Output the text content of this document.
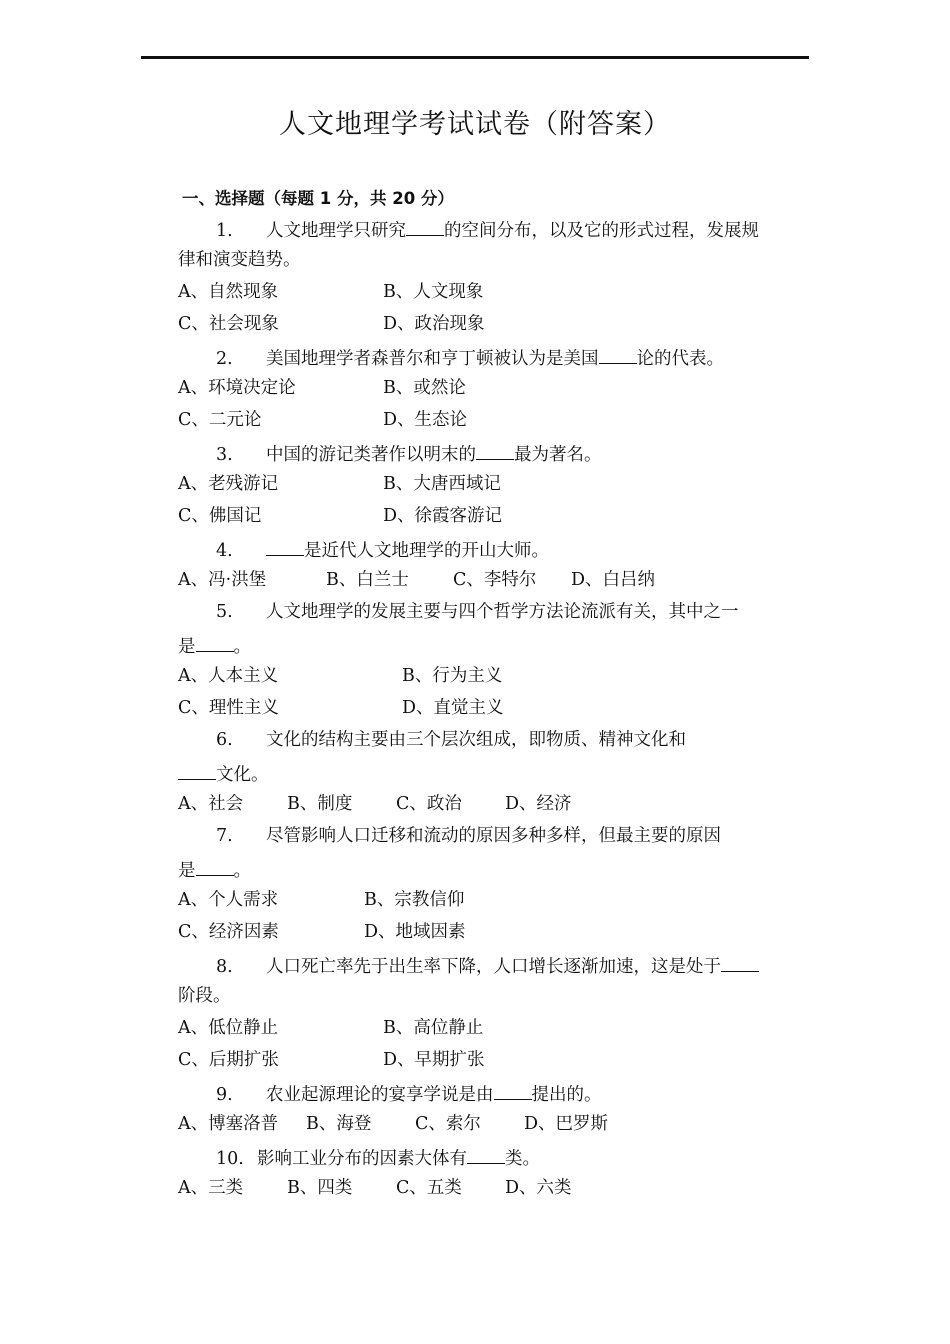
人文地理学考试试卷（附答案）
一、选择题（每题 1 分，共 20 分）
1. 人文地理学只研究 的空间分布，以及它的形式过程，发展规
律和演变趋势。
A、自然现象	B、人文现象
C、社会现象	D、政治现象
2. 美国地理学者森普尔和亨丁顿被认为是美国 论的代表。
A、环境决定论	B、或然论
C、二元论	D、生态论
3. 中国的游记类著作以明末的 最为著名。
A、老残游记	B、大唐西域记
C、佛国记	D、徐霞客游记
4.	是近代人文地理学的开山大师。
A、冯·洪堡	B、白兰士	C、李特尔 D、白吕纳
5. 人文地理学的发展主要与四个哲学方法论流派有关，其中之一
是 。
A、人本主义	B、行为主义
C、理性主义	D、直觉主义
6. 文化的结构主要由三个层次组成，即物质、精神文化和
文化。
A、社会	B、制度 C、政治 D、经济
7. 尽管影响人口迁移和流动的原因多种多样，但最主要的原因
是 。
A、个人需求	B、宗教信仰
C、经济因素	D、地域因素
8. 人口死亡率先于出生率下降，人口增长逐渐加速，这是处于
阶段。
A、低位静止	B、高位静止
C、后期扩张	D、早期扩张
9. 农业起源理论的宴享学说是由 提出的。
A、博塞洛普 B、海登 C、索尔 D、巴罗斯
10. 影响工业分布的因素大体有 类。
A、三类	B、四类 C、五类 D、六类
